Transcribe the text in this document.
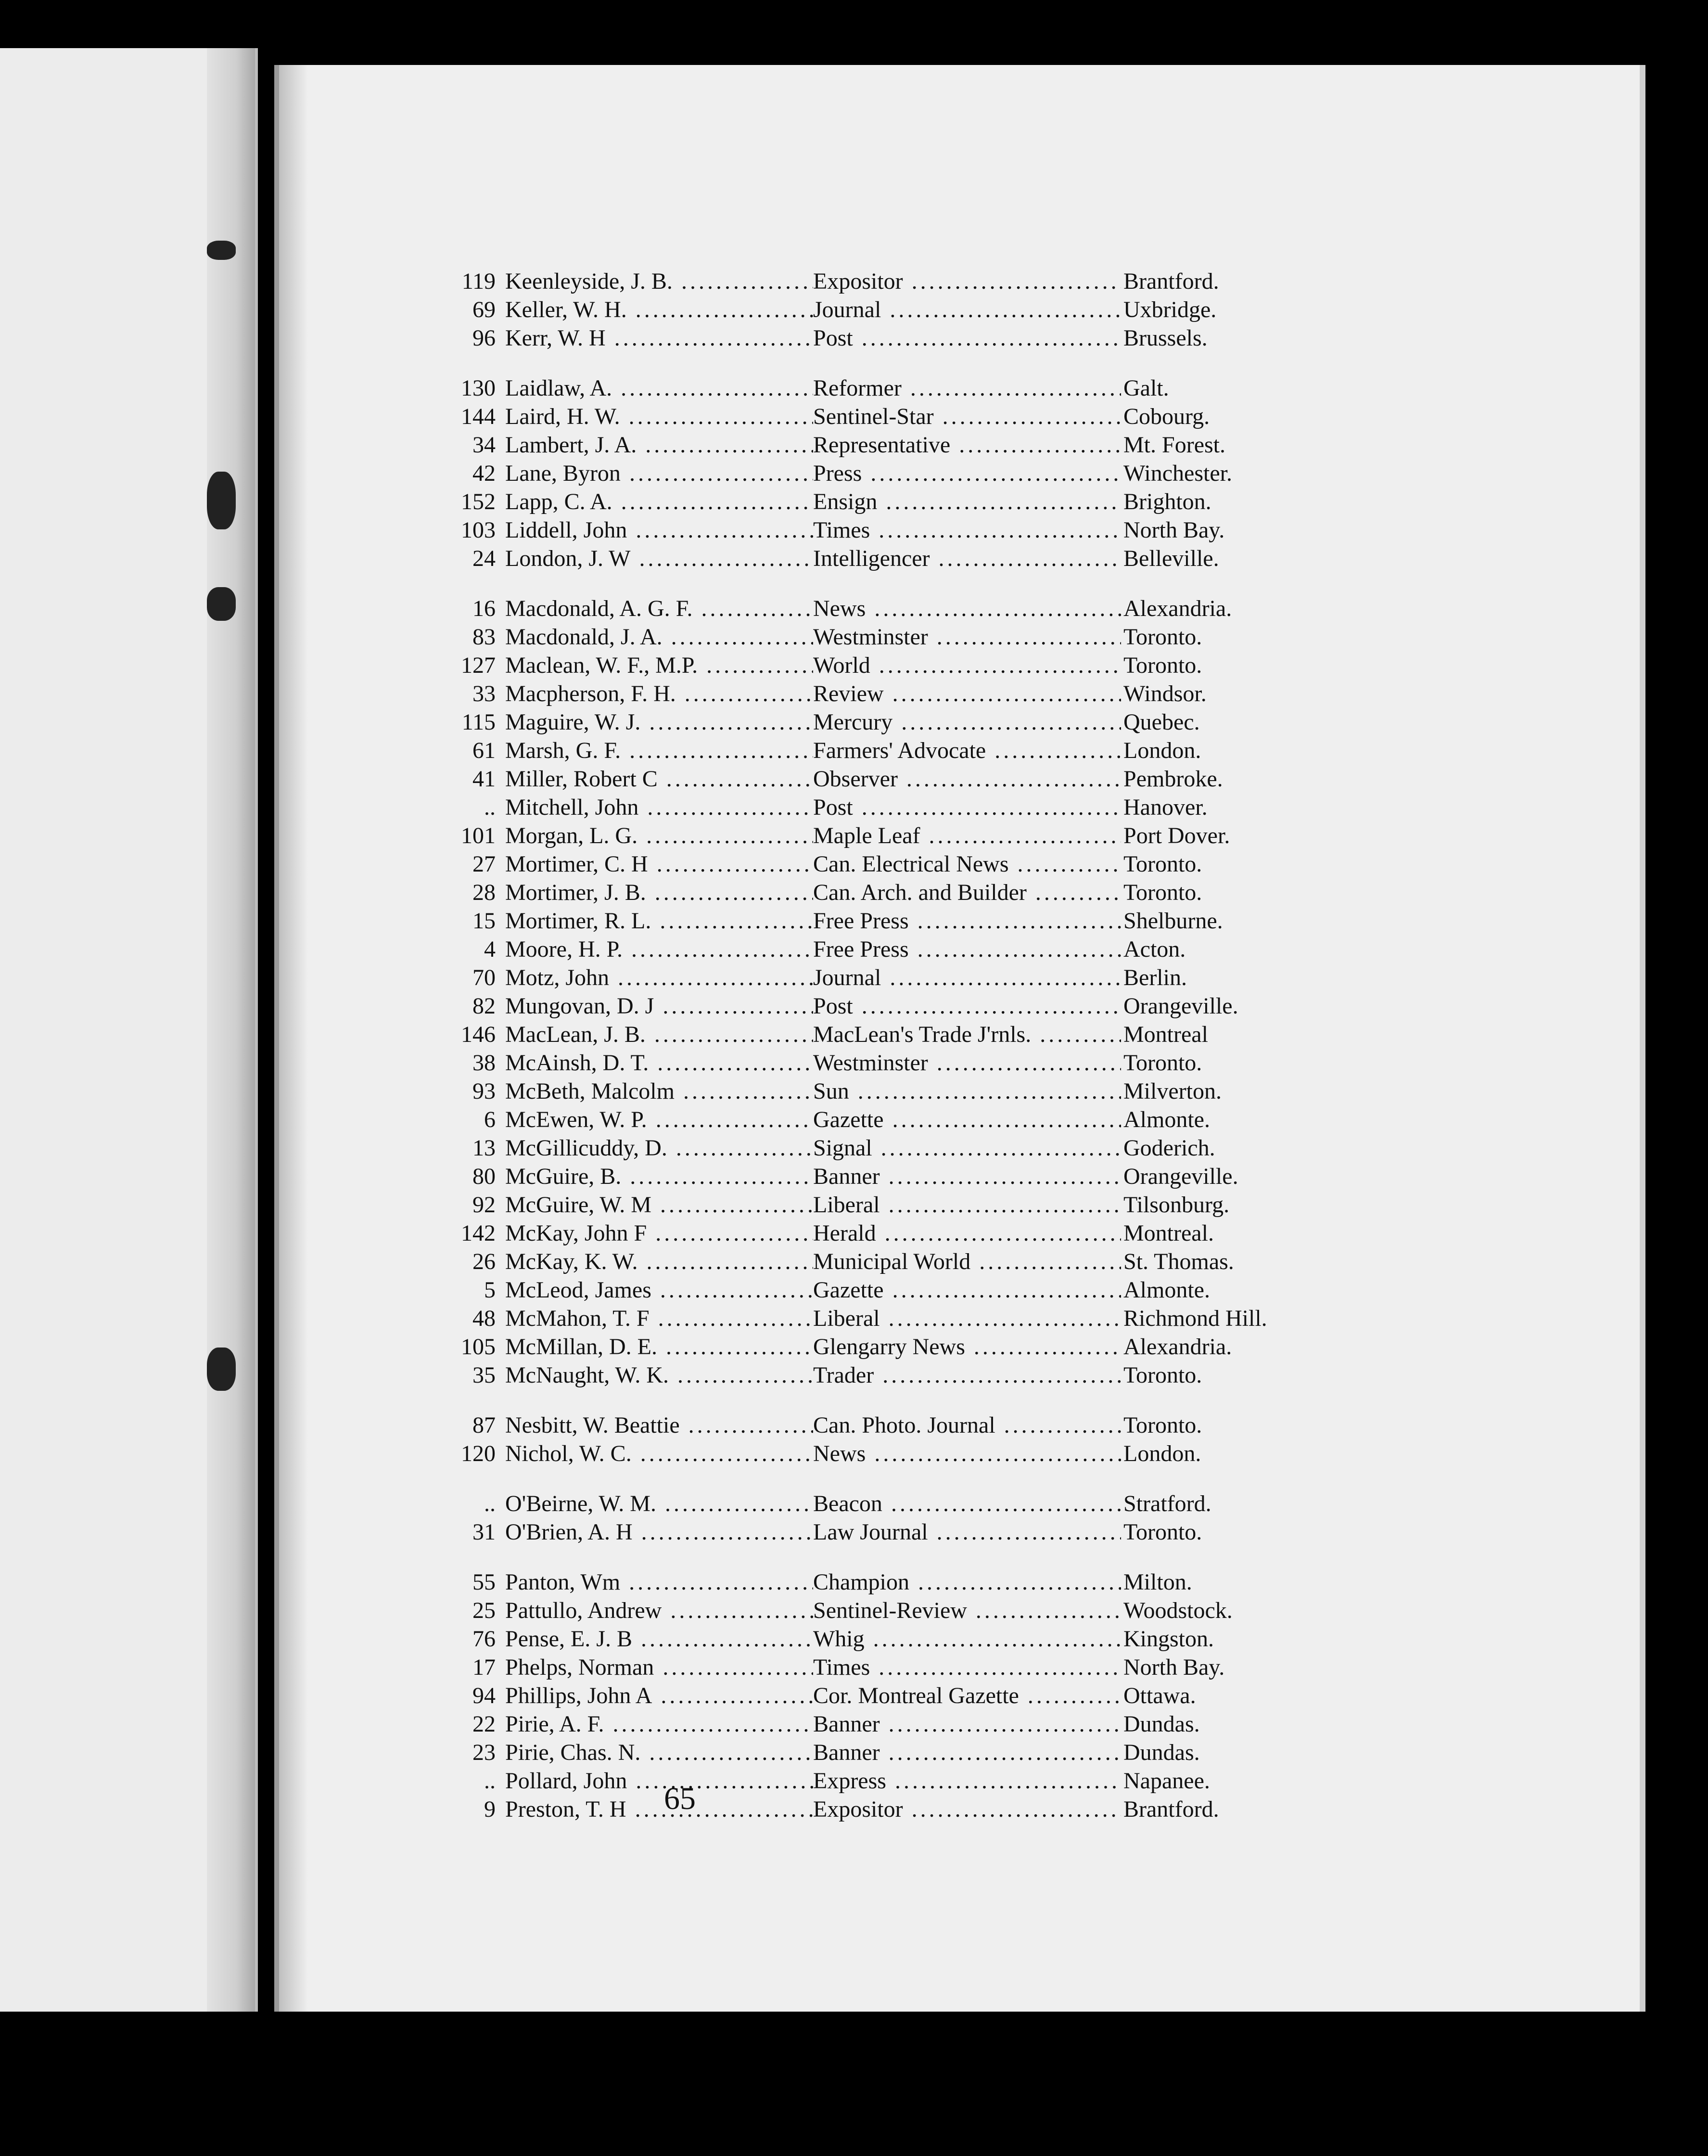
119 Keenleyside, J. B. .....	Expositor .....	Brantford.
69 Keller, W. H. .....	Journal .....	Uxbridge.
96 Kerr, W. H .....	Post .....	Brussels.
130 Laidlaw, A. .....	Reformer .....	Galt.
144 Laird, H. W. .....	Sentinel-Star .....	Cobourg.
34 Lambert, J. A. .....	Representative .....	Mt. Forest.
42 Lane, Byron .....	Press .....	Winchester.
152 Lapp, C. A. .....	Ensign .....	Brighton.
103 Liddell, John .....	Times .....	North Bay.
24 London, J. W .....	Intelligencer .....	Belleville.
16 Macdonald, A. G. F. .....	News .....	Alexandria.
83 Macdonald, J. A. .....	Westminster .....	Toronto.
127 Maclean, W. F., M.P. .....	World .....	Toronto.
33 Macpherson, F. H. .....	Review .....	Windsor.
115 Maguire, W. J. .....	Mercury .....	Quebec.
61 Marsh, G. F. .....	Farmers' Advocate .....	London.
41 Miller, Robert C .....	Observer .....	Pembroke.
.. Mitchell, John .....	Post .....	Hanover.
101 Morgan, L. G. .....	Maple Leaf .....	Port Dover.
27 Mortimer, C. H .....	Can. Electrical News .....	Toronto.
28 Mortimer, J. B. .....	Can. Arch. and Builder .....	Toronto.
15 Mortimer, R. L. .....	Free Press .....	Shelburne.
4 Moore, H. P. .....	Free Press .....	Acton.
70 Motz, John .....	Journal .....	Berlin.
82 Mungovan, D. J .....	Post .....	Orangeville.
146 MacLean, J. B. .....	MacLean's Trade J'rnls. .....	Montreal
38 McAinsh, D. T. .....	Westminster .....	Toronto.
93 McBeth, Malcolm .....	Sun .....	Milverton.
6 McEwen, W. P. .....	Gazette .....	Almonte.
13 McGillicuddy, D. .....	Signal .....	Goderich.
80 McGuire, B. .....	Banner .....	Orangeville.
92 McGuire, W. M .....	Liberal .....	Tilsonburg.
142 McKay, John F .....	Herald .....	Montreal.
26 McKay, K. W. .....	Municipal World .....	St. Thomas.
5 McLeod, James .....	Gazette .....	Almonte.
48 McMahon, T. F .....	Liberal .....	Richmond Hill.
105 McMillan, D. E. .....	Glengarry News .....	Alexandria.
35 McNaught, W. K. .....	Trader .....	Toronto.
87 Nesbitt, W. Beattie .....	Can. Photo. Journal .....	Toronto.
120 Nichol, W. C. .....	News .....	London.
.. O'Beirne, W. M. .....	Beacon .....	Stratford.
31 O'Brien, A. H .....	Law Journal .....	Toronto.
55 Panton, Wm .....	Champion .....	Milton.
25 Pattullo, Andrew .....	Sentinel-Review .....	Woodstock.
76 Pense, E. J. B .....	Whig .....	Kingston.
17 Phelps, Norman .....	Times .....	North Bay.
94 Phillips, John A .....	Cor. Montreal Gazette .....	Ottawa.
22 Pirie, A. F. .....	Banner .....	Dundas.
23 Pirie, Chas. N. .....	Banner .....	Dundas.
.. Pollard, John .....	Express .....	Napanee.
9 Preston, T. H .....	Expositor .....	Brantford.
65
